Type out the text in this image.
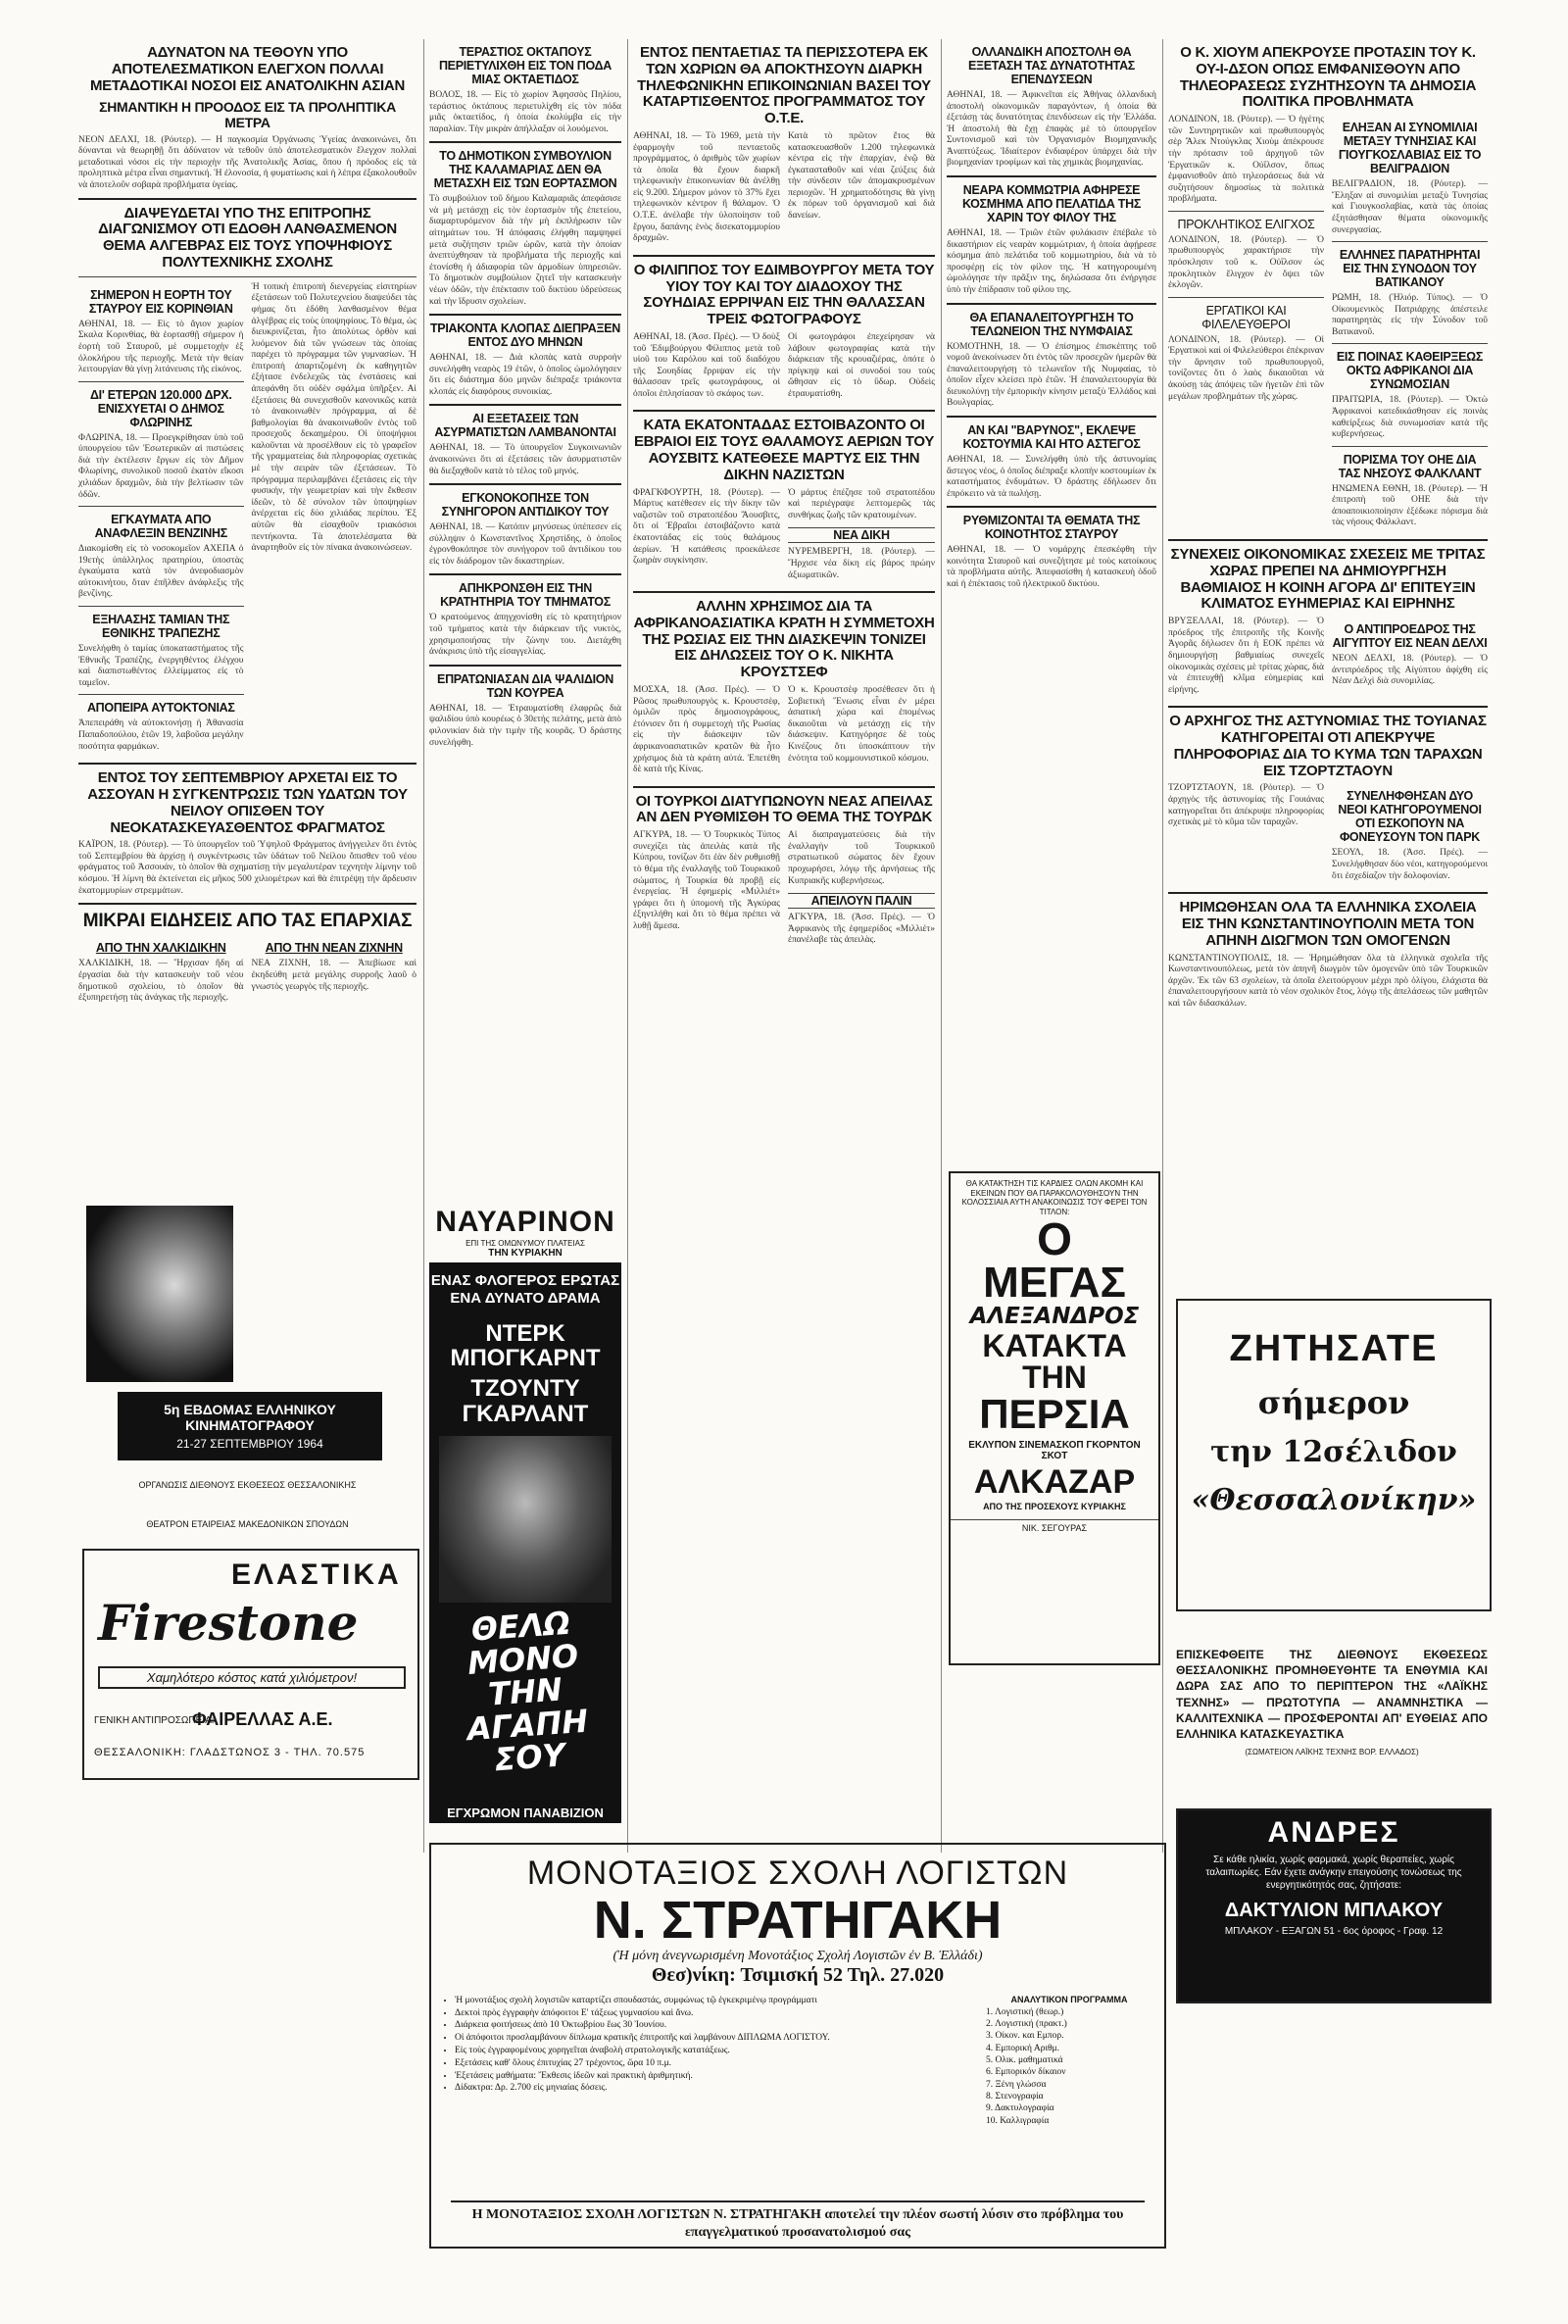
ΑΔΥΝΑΤΟΝ ΝΑ ΤΕΘΟΥΝ ΥΠΟ ΑΠΟΤΕΛΕΣΜΑΤΙΚΟΝ ΕΛΕΓΧΟΝ ΠΟΛΛΑΙ ΜΕΤΑΔΟΤΙΚΑΙ ΝΟΣΟΙ ΕΙΣ ΑΝΑΤΟΛΙΚΗΝ ΑΣΙΑΝ
ΣΗΜΑΝΤΙΚΗ Η ΠΡΟΟΔΟΣ ΕΙΣ ΤΑ ΠΡΟΛΗΠΤΙΚΑ ΜΕΤΡΑ

ΝΕΟΝ ΔΕΛΧΙ, 18. (Ρόυτερ). — Η παγκοσμία Όργάνωσις Ὑγείας ἀνακοινώνει, ὅτι δύνανται νὰ θεωρηθῇ ὅτι ἀδύνατον νὰ τεθοῦν ὑπὸ ἀποτελεσματικὸν ἔλεγχον πολλαὶ μεταδοτικαὶ νόσοι εἰς τὴν περιοχὴν τῆς Ἀνατολικῆς Ἀσίας, ὅπου ἡ πρόοδος εἰς τὰ προληπτικὰ μέτρα εἶναι σημαντική. Ἡ ἐλονοσία, ἡ φυματίωσις καὶ ἡ λέπρα ἐξακολουθοῦν νὰ ἀποτελοῦν σοβαρὰ προβλήματα ὑγείας.

ΔΙΑΨΕΥΔΕΤΑΙ ΥΠΟ ΤΗΣ ΕΠΙΤΡΟΠΗΣ ΔΙΑΓΩΝΙΣΜΟΥ ΟΤΙ ΕΔΟΘΗ ΛΑΝΘΑΣΜΕΝΟΝ ΘΕΜΑ ΑΛΓΕΒΡΑΣ ΕΙΣ ΤΟΥΣ ΥΠΟΨΗΦΙΟΥΣ ΠΟΛΥΤΕΧΝΙΚΗΣ ΣΧΟΛΗΣ
ΣΗΜΕΡΟΝ Η ΕΟΡΤΗ ΤΟΥ ΣΤΑΥΡΟΥ ΕΙΣ ΚΟΡΙΝΘΙΑΝ

ΑΘΗΝΑΙ, 18. — Εἰς τὸ ἄγιον χωρίον Σκαλα Κορινθίας, θὰ ἑορτασθῇ σήμερον ἡ ἑορτὴ τοῦ Σταυροῦ, μὲ συμμετοχὴν ἐξ ὁλοκλήρου τῆς περιοχῆς. Μετὰ τὴν θείαν λειτουργίαν θὰ γίνῃ λιτάνευσις τῆς εἰκόνος.

ΔΙ' ΕΤΕΡΩΝ 120.000 ΔΡΧ. ΕΝΙΣΧΥΕΤΑΙ Ο ΔΗΜΟΣ ΦΛΩΡΙΝΗΣ

ΦΛΩΡΙΝΑ, 18. — Προεγκρίθησαν ὑπὸ τοῦ ὑπουργείου τῶν Ἐσωτερικῶν αἱ πιστώσεις διὰ τὴν ἐκτέλεσιν ἔργων εἰς τὸν Δῆμον Φλωρίνης, συνολικοῦ ποσοῦ ἑκατὸν εἴκοσι χιλιάδων δραχμῶν, διὰ τὴν βελτίωσιν τῶν ὁδῶν.

ΕΓΚΑΥΜΑΤΑ ΑΠΟ ΑΝΑΦΛΕΞΙΝ ΒΕΝΖΙΝΗΣ

Διακομίσθη εἰς τὸ νοσοκομεῖον ΑΧΕΠΑ ὁ 19ετὴς ὑπάλληλος πρατηρίου, ὑποστὰς ἐγκαύματα κατὰ τὸν ἀνεφοδιασμὸν αὐτοκινήτου, ὅταν ἐπῆλθεν ἀνάφλεξις τῆς βενζίνης.

ΕΞΗΛΑΣΗΣ ΤΑΜΙΑΝ ΤΗΣ ΕΘΝΙΚΗΣ ΤΡΑΠΕΖΗΣ

Συνελήφθη ὁ ταμίας ὑποκαταστήματος τῆς Ἐθνικῆς Τραπέζης, ἐνεργηθέντος ἐλέγχου καὶ διαπιστωθέντος ἐλλείμματος εἰς τὸ ταμεῖον.

ΑΠΟΠΕΙΡΑ ΑΥΤΟΚΤΟΝΙΑΣ

Ἀπεπειράθη νὰ αὐτοκτονήσῃ ἡ Ἀθανασία Παπαδοπούλου, ἐτῶν 19, λαβοῦσα μεγάλην ποσότητα φαρμάκων.

Ἡ τοπικὴ ἐπιτροπὴ διενεργείας εἰσιτηρίων ἐξετάσεων τοῦ Πολυτεχνείου διαψεύδει τὰς φήμας ὅτι ἐδόθη λανθασμένον θέμα ἀλγέβρας εἰς τοὺς ὑποψηφίους. Τὸ θέμα, ὡς διευκρινίζεται, ἦτο ἀπολύτως ὀρθὸν καὶ λυόμενον διὰ τῶν γνώσεων τὰς ὁποίας παρέχει τὸ πρόγραμμα τῶν γυμνασίων. Ἡ ἐπιτροπὴ ἀπαρτιζομένη ἐκ καθηγητῶν ἐξήτασε ἐνδελεχῶς τὰς ἐνστάσεις καὶ ἀπεφάνθη ὅτι οὐδὲν σφάλμα ὑπῆρξεν. Αἱ ἐξετάσεις θὰ συνεχισθοῦν κανονικῶς κατὰ τὸ ἀνακοινωθὲν πρόγραμμα, αἱ δὲ βαθμολογίαι θὰ ἀνακοινωθοῦν ἐντὸς τοῦ προσεχοῦς δεκαημέρου. Οἱ ὑποψήφιοι καλοῦνται νὰ προσέλθουν εἰς τὸ γραφεῖον τῆς γραμματείας διὰ πληροφορίας σχετικὰς μὲ τὴν σειρὰν τῶν ἐξετάσεων. Τὸ πρόγραμμα περιλαμβάνει ἐξετάσεις εἰς τὴν φυσικήν, τὴν γεωμετρίαν καὶ τὴν ἔκθεσιν ἰδεῶν, τὸ δὲ σύνολον τῶν ὑποψηφίων ἀνέρχεται εἰς δύο χιλιάδας περίπου. Ἐξ αὐτῶν θὰ εἰσαχθοῦν τριακόσιοι πεντήκοντα. Τὰ ἀποτελέσματα θὰ ἀναρτηθοῦν εἰς τὸν πίνακα ἀνακοινώσεων.

ΕΝΤΟΣ ΤΟΥ ΣΕΠΤΕΜΒΡΙΟΥ ΑΡΧΕΤΑΙ ΕΙΣ ΤΟ ΑΣΣΟΥΑΝ Η ΣΥΓΚΕΝΤΡΩΣΙΣ ΤΩΝ ΥΔΑΤΩΝ ΤΟΥ ΝΕΙΛΟΥ ΟΠΙΣΘΕΝ ΤΟΥ ΝΕΟΚΑΤΑΣΚΕΥΑΣΘΕΝΤΟΣ ΦΡΑΓΜΑΤΟΣ

ΚΑΪΡΟΝ, 18. (Ρόυτερ). — Τὸ ὑπουργεῖον τοῦ Ὑψηλοῦ Φράγματος ἀνήγγειλεν ὅτι ἐντὸς τοῦ Σεπτεμβρίου θὰ ἀρχίσῃ ἡ συγκέντρωσις τῶν ὑδάτων τοῦ Νείλου ὄπισθεν τοῦ νέου φράγματος τοῦ Ἀσσουάν, τὸ ὁποῖον θὰ σχηματίσῃ τὴν μεγαλυτέραν τεχνητὴν λίμνην τοῦ κόσμου. Ἡ λίμνη θὰ ἐκτείνεται εἰς μῆκος 500 χιλιομέτρων καὶ θὰ ἐπιτρέψῃ τὴν ἄρδευσιν ἑκατομμυρίων στρεμμάτων.

ΜΙΚΡΑΙ ΕΙΔΗΣΕΙΣ ΑΠΟ ΤΑΣ ΕΠΑΡΧΙΑΣ
ΑΠΟ ΤΗΝ ΧΑΛΚΙΔΙΚΗΝ

ΧΑΛΚΙΔΙΚΗ, 18. — Ἤρχισαν ἤδη αἱ ἐργασίαι διὰ τὴν κατασκευὴν τοῦ νέου δημοτικοῦ σχολείου, τὸ ὁποῖον θὰ ἐξυπηρετήσῃ τὰς ἀνάγκας τῆς περιοχῆς.

ΑΠΟ ΤΗΝ ΝΕΑΝ ΖΙΧΝΗΝ

ΝΕΑ ΖΙΧΝΗ, 18. — Ἀπεβίωσε καὶ ἐκηδεύθη μετὰ μεγάλης συρροῆς λαοῦ ὁ γνωστὸς γεωργὸς τῆς περιοχῆς.

5η ΕΒΔΟΜΑΣ ΕΛΛΗΝΙΚΟΥ ΚΙΝΗΜΑΤΟΓΡΑΦΟΥ
21-27 ΣΕΠΤΕΜΒΡΙΟΥ 1964
ΟΡΓΑΝΩΣΙΣ ΔΙΕΘΝΟΥΣ ΕΚΘΕΣΕΩΣ ΘΕΣΣΑΛΟΝΙΚΗΣ
ΘΕΑΤΡΟΝ ΕΤΑΙΡΕΙΑΣ ΜΑΚΕΔΟΝΙΚΩΝ ΣΠΟΥΔΩΝ
ΕΛΑΣΤΙΚΑ
Firestone
Χαμηλότερο κόστος κατά χιλιόμετρον!
ΓΕΝΙΚΗ ΑΝΤΙΠΡΟΣΩΠΕΙΑ:
ΦΑΙΡΕΛΛΑΣ Α.Ε.
ΘΕΣΣΑΛΟΝΙΚΗ: ΓΛΑΔΣΤΩΝΟΣ 3 - ΤΗΛ. 70.575
ΤΕΡΑΣΤΙΟΣ ΟΚΤΑΠΟΥΣ ΠΕΡΙΕΤΥΛΙΧΘΗ ΕΙΣ ΤΟΝ ΠΟΔΑ ΜΙΑΣ ΟΚΤΑΕΤΙΔΟΣ

ΒΟΛΟΣ, 18. — Εἰς τὸ χωρίον Ἀφησσὸς Πηλίου, τεράστιος ὀκτάπους περιετυλίχθη εἰς τὸν πόδα μιᾶς ὀκταετίδος, ἡ ὁποία ἐκολύμβα εἰς τὴν παραλίαν. Τὴν μικρὰν ἀπήλλαξαν οἱ λουόμενοι.

ΤΟ ΔΗΜΟΤΙΚΟΝ ΣΥΜΒΟΥΛΙΟΝ ΤΗΣ ΚΑΛΑΜΑΡΙΑΣ ΔΕΝ ΘΑ ΜΕΤΑΣΧΗ ΕΙΣ ΤΩΝ ΕΟΡΤΑΣΜΟΝ

Τὸ συμβούλιον τοῦ δήμου Καλαμαριᾶς ἀπεφάσισε νὰ μὴ μετάσχῃ εἰς τὸν ἑορτασμὸν τῆς ἐπετείου, διαμαρτυρόμενον διὰ τὴν μὴ ἐκπλήρωσιν τῶν αἰτημάτων του. Ἡ ἀπόφασις ἐλήφθη παμψηφεί μετὰ συζήτησιν τριῶν ὡρῶν, κατὰ τὴν ὁποίαν ἀνεπτύχθησαν τὰ προβλήματα τῆς περιοχῆς καὶ ἐτονίσθη ἡ ἀδιαφορία τῶν ἁρμοδίων ὑπηρεσιῶν. Τὸ δημοτικὸν συμβούλιον ζητεῖ τὴν κατασκευὴν νέων ὁδῶν, τὴν ἐπέκτασιν τοῦ δικτύου ὑδρεύσεως καὶ τὴν ἵδρυσιν σχολείων.

ΤΡΙΑΚΟΝΤΑ ΚΛΟΠΑΣ ΔΙΕΠΡΑΞΕΝ ΕΝΤΟΣ ΔΥΟ ΜΗΝΩΝ

ΑΘΗΝΑΙ, 18. — Διὰ κλοπὰς κατὰ συρροὴν συνελήφθη νεαρὸς 19 ἐτῶν, ὁ ὁποῖος ὡμολόγησεν ὅτι εἰς διάστημα δύο μηνῶν διέπραξε τριάκοντα κλοπάς εἰς διαφόρους συνοικίας.

ΑΙ ΕΞΕΤΑΣΕΙΣ ΤΩΝ ΑΣΥΡΜΑΤΙΣΤΩΝ ΛΑΜΒΑΝΟΝΤΑΙ

ΑΘΗΝΑΙ, 18. — Τὸ ὑπουργεῖον Συγκοινωνιῶν ἀνακοινώνει ὅτι αἱ ἐξετάσεις τῶν ἀσυρματιστῶν θὰ διεξαχθοῦν κατὰ τὸ τέλος τοῦ μηνός.

ΕΓΚΟΝΟΚΟΠΗΣΕ ΤΟΝ ΣΥΝΗΓΟΡΟΝ ΑΝΤΙΔΙΚΟΥ ΤΟΥ

ΑΘΗΝΑΙ, 18. — Κατόπιν μηνύσεως ὑπέπεσεν εἰς σύλληψιν ὁ Κωνσταντῖνος Χρηστίδης, ὁ ὁποῖος ἐγρονθοκόπησε τὸν συνήγορον τοῦ ἀντιδίκου του εἰς τὸν διάδρομον τῶν δικαστηρίων.

ΑΠΗΚΡΟΝΣΘΗ ΕΙΣ ΤΗΝ ΚΡΑΤΗΤΗΡΙΑ ΤΟΥ ΤΜΗΜΑΤΟΣ

Ὁ κρατούμενος ἀπηγχονίσθη εἰς τὸ κρατητήριον τοῦ τμήματος κατὰ τὴν διάρκειαν τῆς νυκτὸς, χρησιμοποιήσας τὴν ζώνην του. Διετάχθη ἀνάκρισις ὑπὸ τῆς εἰσαγγελίας.

ΕΠΡΑΤΩΝΙΑΣΑΝ ΔΙΑ ΨΑΛΙΔΙΟΝ ΤΩΝ ΚΟΥΡΕΑ

ΑΘΗΝΑΙ, 18. — Ἐτραυματίσθη ἐλαφρῶς διὰ ψαλιδίου ὑπὸ κουρέως ὁ 30ετὴς πελάτης, μετὰ ἀπὸ φιλονικίαν διὰ τὴν τιμὴν τῆς κουρᾶς. Ὁ δράστης συνελήφθη.

ΝΑΥΑΡΙΝΟΝ
ΕΠΙ ΤΗΣ ΟΜΩΝΥΜΟΥ ΠΛΑΤΕΙΑΣ
ΤΗΝ ΚΥΡΙΑΚΗΝ
ΕΝΑΣ ΦΛΟΓΕΡΟΣ ΕΡΩΤΑΣ ΕΝΑ ΔΥΝΑΤΟ ΔΡΑΜΑ
ΝΤΕΡΚ ΜΠΟΓΚΑΡΝΤ
ΤΖΟΥΝΤΥ ΓΚΑΡΛΑΝΤ
ΘΕΛΩ ΜΟΝΟ ΤΗΝ ΑΓΑΠΗ ΣΟΥ
ΕΓΧΡΩΜΟΝ ΠΑΝΑΒΙΖΙΟΝ
ΕΝΤΟΣ ΠΕΝΤΑΕΤΙΑΣ ΤΑ ΠΕΡΙΣΣΟΤΕΡΑ ΕΚ ΤΩΝ ΧΩΡΙΩΝ ΘΑ ΑΠΟΚΤΗΣΟΥΝ ΔΙΑΡΚΗ ΤΗΛΕΦΩΝΙΚΗΝ ΕΠΙΚΟΙΝΩΝΙΑΝ ΒΑΣΕΙ ΤΟΥ ΚΑΤΑΡΤΙΣΘΕΝΤΟΣ ΠΡΟΓΡΑΜΜΑΤΟΣ ΤΟΥ Ο.Τ.Ε.

ΑΘΗΝΑΙ, 18. — Τὸ 1969, μετὰ τὴν ἐφαρμογὴν τοῦ πενταετοῦς προγράμματος, ὁ ἀριθμὸς τῶν χωρίων τὰ ὁποῖα θὰ ἔχουν διαρκῆ τηλεφωνικὴν ἐπικοινωνίαν θὰ ἀνέλθῃ εἰς 9.200. Σήμερον μόνον τὸ 37% ἔχει τηλεφωνικὸν κέντρον ἢ θάλαμον. Ὁ Ο.Τ.Ε. ἀνέλαβε τὴν ὑλοποίησιν τοῦ ἔργου, δαπάνης ἑνὸς δισεκατομμυρίου δραχμῶν.

Κατὰ τὸ πρῶτον ἔτος θὰ κατασκευασθοῦν 1.200 τηλεφωνικὰ κέντρα εἰς τὴν ἐπαρχίαν, ἐνῷ θὰ ἐγκατασταθοῦν καὶ νέαι ζεύξεις διὰ τὴν σύνδεσιν τῶν ἀπομακρυσμένων περιοχῶν. Ἡ χρηματοδότησις θὰ γίνῃ ἐκ πόρων τοῦ ὀργανισμοῦ καὶ διὰ δανείων.

Ο ΦΙΛΙΠΠΟΣ ΤΟΥ ΕΔΙΜΒΟΥΡΓΟΥ ΜΕΤΑ ΤΟΥ ΥΙΟΥ ΤΟΥ ΚΑΙ ΤΟΥ ΔΙΑΔΟΧΟΥ ΤΗΣ ΣΟΥΗΔΙΑΣ ΕΡΡΙΨΑΝ ΕΙΣ ΤΗΝ ΘΑΛΑΣΣΑΝ ΤΡΕΙΣ ΦΩΤΟΓΡΑΦΟΥΣ

ΑΘΗΝΑΙ, 18. (Ἀσσ. Πρές). — Ὁ δοὺξ τοῦ Ἐδιμβούργου Φίλιππος μετὰ τοῦ υἱοῦ του Καρόλου καὶ τοῦ διαδόχου τῆς Σουηδίας ἔρριψαν εἰς τὴν θάλασσαν τρεῖς φωτογράφους, οἱ ὁποῖοι ἐπλησίασαν τὸ σκάφος των.

Οἱ φωτογράφοι ἐπεχείρησαν νὰ λάβουν φωτογραφίας κατὰ τὴν διάρκειαν τῆς κρουαζιέρας, ὁπότε ὁ πρίγκηψ καὶ οἱ συνοδοί του τοὺς ὤθησαν εἰς τὸ ὕδωρ. Οὐδεὶς ἐτραυματίσθη.

ΚΑΤΑ ΕΚΑΤΟΝΤΑΔΑΣ ΕΣΤΟΙΒΑΖΟΝΤΟ ΟΙ ΕΒΡΑΙΟΙ ΕΙΣ ΤΟΥΣ ΘΑΛΑΜΟΥΣ ΑΕΡΙΩΝ ΤΟΥ ΑΟΥΣΒΙΤΣ ΚΑΤΕΘΕΣΕ ΜΑΡΤΥΣ ΕΙΣ ΤΗΝ ΔΙΚΗΝ ΝΑΖΙΣΤΩΝ

ΦΡΑΓΚΦΟΥΡΤΗ, 18. (Ρόυτερ). — Μάρτυς κατέθεσεν εἰς τὴν δίκην τῶν ναζιστῶν τοῦ στρατοπέδου Ἄουσβιτς, ὅτι οἱ Ἑβραῖοι ἐστοιβάζοντο κατὰ ἑκατοντάδας εἰς τοὺς θαλάμους ἀερίων. Ἡ κατάθεσις προεκάλεσε ζωηρὰν συγκίνησιν.

Ὁ μάρτυς ἐπέζησε τοῦ στρατοπέδου καὶ περιέγραψε λεπτομερῶς τὰς συνθήκας ζωῆς τῶν κρατουμένων.

ΝΕΑ ΔΙΚΗ

ΝΥΡΕΜΒΕΡΓΗ, 18. (Ρόυτερ). — Ἤρχισε νέα δίκη εἰς βάρος πρώην ἀξιωματικῶν.

ΑΛΛΗΝ ΧΡΗΣΙΜΟΣ ΔΙΑ ΤΑ ΑΦΡΙΚΑΝΟΑΣΙΑΤΙΚΑ ΚΡΑΤΗ Η ΣΥΜΜΕΤΟΧΗ ΤΗΣ ΡΩΣΙΑΣ ΕΙΣ ΤΗΝ ΔΙΑΣΚΕΨΙΝ ΤΟΝΙΖΕΙ ΕΙΣ ΔΗΛΩΣΕΙΣ ΤΟΥ Ο Κ. ΝΙΚΗΤΑ ΚΡΟΥΣΤΣΕΦ

ΜΟΣΧΑ, 18. (Ἀσσ. Πρές). — Ὁ Ρῶσος πρωθυπουργὸς κ. Κρουστσὲφ, ὁμιλῶν πρὸς δημοσιογράφους, ἐτόνισεν ὅτι ἡ συμμετοχὴ τῆς Ρωσίας εἰς τὴν διάσκεψιν τῶν ἀφρικανοασιατικῶν κρατῶν θὰ ἦτο χρήσιμος διὰ τὰ κράτη αὐτά. Ἐπετέθη δὲ κατὰ τῆς Κίνας.

Ὁ κ. Κρουστσὲφ προσέθεσεν ὅτι ἡ Σοβιετικὴ Ἕνωσις εἶναι ἐν μέρει ἀσιατικὴ χώρα καὶ ἐπομένως δικαιοῦται νὰ μετάσχῃ εἰς τὴν διάσκεψιν. Κατηγόρησε δὲ τοὺς Κινέζους ὅτι ὑποσκάπτουν τὴν ἑνότητα τοῦ κομμουνιστικοῦ κόσμου.

ΟΙ ΤΟΥΡΚΟΙ ΔΙΑΤΥΠΩΝΟΥΝ ΝΕΑΣ ΑΠΕΙΛΑΣ ΑΝ ΔΕΝ ΡΥΘΜΙΣΘΗ ΤΟ ΘΕΜΑ ΤΗΣ ΤΟΥΡΔΚ

ΑΓΚΥΡΑ, 18. — Ὁ Τουρκικὸς Τύπος συνεχίζει τὰς ἀπειλὰς κατὰ τῆς Κύπρου, τονίζων ὅτι ἐὰν δὲν ρυθμισθῇ τὸ θέμα τῆς ἐναλλαγῆς τοῦ Τουρκικοῦ σώματος, ἡ Τουρκία θὰ προβῇ εἰς ἐνεργείας. Ἡ ἐφημερὶς «Μιλλιέτ» γράφει ὅτι ἡ ὑπομονὴ τῆς Ἀγκύρας ἐξηντλήθη καὶ ὅτι τὸ θέμα πρέπει νὰ λυθῇ ἄμεσα.

Αἱ διαπραγματεύσεις διὰ τὴν ἐναλλαγὴν τοῦ Τουρκικοῦ στρατιωτικοῦ σώματος δὲν ἔχουν προχωρήσει, λόγῳ τῆς ἀρνήσεως τῆς Κυπριακῆς κυβερνήσεως.

ΑΠΕΙΛΟΥΝ ΠΑΛΙΝ

ΑΓΚΥΡΑ, 18. (Ἀσσ. Πρές). — Ὁ Ἀφρικανὸς τῆς ἐφημερίδος «Μιλλιέτ» ἐπανέλαβε τὰς ἀπειλὰς.

ΟΛΛΑΝΔΙΚΗ ΑΠΟΣΤΟΛΗ ΘΑ ΕΞΕΤΑΣΗ ΤΑΣ ΔΥΝΑΤΟΤΗΤΑΣ ΕΠΕΝΔΥΣΕΩΝ

ΑΘΗΝΑΙ, 18. — Ἀφικνεῖται εἰς Ἀθήνας ὀλλανδικὴ ἀποστολὴ οἰκονομικῶν παραγόντων, ἡ ὁποία θὰ ἐξετάσῃ τὰς δυνατότητας ἐπενδύσεων εἰς τὴν Ἑλλάδα. Ἡ ἀποστολὴ θὰ ἔχῃ ἐπαφὰς μὲ τὸ ὑπουργεῖον Συντονισμοῦ καὶ τὸν Ὀργανισμὸν Βιομηχανικῆς Ἀναπτύξεως. Ἰδιαίτερον ἐνδιαφέρον ὑπάρχει διὰ τὴν βιομηχανίαν τροφίμων καὶ τὰς χημικὰς βιομηχανίας.

ΝΕΑΡΑ ΚΟΜΜΩΤΡΙΑ ΑΦΗΡΕΣΕ ΚΟΣΜΗΜΑ ΑΠΟ ΠΕΛΑΤΙΔΑ ΤΗΣ ΧΑΡΙΝ ΤΟΥ ΦΙΛΟΥ ΤΗΣ

ΑΘΗΝΑΙ, 18. — Τριῶν ἐτῶν φυλάκισιν ἐπέβαλε τὸ δικαστήριον εἰς νεαρὰν κομμώτριαν, ἡ ὁποία ἀφῄρεσε κόσμημα ἀπὸ πελάτιδα τοῦ κομμωτηρίου, διὰ νὰ τὸ προσφέρῃ εἰς τὸν φίλον της. Ἡ κατηγορουμένη ὡμολόγησε τὴν πρᾶξιν της, δηλώσασα ὅτι ἐνήργησε ὑπὸ τὴν ἐπίδρασιν τοῦ φίλου της.

ΘΑ ΕΠΑΝΑΛΕΙΤΟΥΡΓΗΣΗ ΤΟ ΤΕΛΩΝΕΙΟΝ ΤΗΣ ΝΥΜΦΑΙΑΣ

ΚΟΜΟΤΗΝΗ, 18. — Ὁ ἐπίσημος ἐπισκέπτης τοῦ νομοῦ ἀνεκοίνωσεν ὅτι ἐντὸς τῶν προσεχῶν ἡμερῶν θὰ ἐπαναλειτουργήσῃ τὸ τελωνεῖον τῆς Νυμφαίας, τὸ ὁποῖον εἶχεν κλείσει πρὸ ἐτῶν. Ἡ ἐπαναλειτουργία θὰ διευκολύνῃ τὴν ἐμπορικὴν κίνησιν μεταξὺ Ἑλλάδος καὶ Βουλγαρίας.

ΑΝ ΚΑΙ "ΒΑΡΥΝΟΣ", ΕΚΛΕΨΕ ΚΟΣΤΟΥΜΙΑ ΚΑΙ ΗΤΟ ΑΣΤΕΓΟΣ

ΑΘΗΝΑΙ, 18. — Συνελήφθη ὑπὸ τῆς ἀστυνομίας ἄστεγος νέος, ὁ ὁποῖος διέπραξε κλοπὴν κοστουμίων ἐκ καταστήματος ἐνδυμάτων. Ὁ δράστης ἐδήλωσεν ὅτι ἐπρόκειτο νὰ τὰ πωλήσῃ.

ΡΥΘΜΙΖΟΝΤΑΙ ΤΑ ΘΕΜΑΤΑ ΤΗΣ ΚΟΙΝΟΤΗΤΟΣ ΣΤΑΥΡΟΥ

ΑΘΗΝΑΙ, 18. — Ὁ νομάρχης ἐπεσκέφθη τὴν κοινότητα Σταυροῦ καὶ συνεζήτησε μὲ τοὺς κατοίκους τὰ προβλήματα αὐτῆς. Ἀπεφασίσθη ἡ κατασκευὴ ὁδοῦ καὶ ἡ ἐπέκτασις τοῦ ἠλεκτρικοῦ δικτύου.

ΘΑ ΚΑΤΑΚΤΗΣΗ ΤΙΣ ΚΑΡΔΙΕΣ ΟΛΩΝ ΑΚΟΜΗ ΚΑΙ ΕΚΕΙΝΩΝ ΠΟΥ ΘΑ ΠΑΡΑΚΟΛΟΥΘΗΣΟΥΝ ΤΗΝ ΚΟΛΟΣΣΙΑΙΑ ΑΥΤΗ ΑΝΑΚΟΙΝΩΣΙΣ ΤΟΥ ΦΕΡΕΙ ΤΟΝ ΤΙΤΛΟΝ:
Ο
ΜΕΓΑΣ
ΑΛΕΞΑΝΔΡΟΣ
ΚΑΤΑΚΤΑ
ΤΗΝ
ΠΕΡΣΙΑ
ΕΚΛΥΠΟΝ ΣΙΝΕΜΑΣΚΟΠ ΓΚΟΡΝΤΟΝ ΣΚΟΤ
ΑΛΚΑΖΑΡ
ΑΠΟ ΤΗΣ ΠΡΟΣΕΧΟΥΣ ΚΥΡΙΑΚΗΣ
ΝΙΚ. ΣΕΓΟΥΡΑΣ
Ο Κ. ΧΙΟΥΜ ΑΠΕΚΡΟΥΣΕ ΠΡΟΤΑΣΙΝ ΤΟΥ Κ. ΟΥ-Ι-ΔΣΟΝ ΟΠΩΣ ΕΜΦΑΝΙΣΘΟΥΝ ΑΠΟ ΤΗΛΕΟΡΑΣΕΩΣ ΣΥΖΗΤΗΣΟΥΝ ΤΑ ΔΗΜΟΣΙΑ ΠΟΛΙΤΙΚΑ ΠΡΟΒΛΗΜΑΤΑ

ΛΟΝΔΙΝΟΝ, 18. (Ρόυτερ). — Ὁ ἡγέτης τῶν Συντηρητικῶν καὶ πρωθυπουργὸς σὲρ Ἄλεκ Ντούγκλας Χιοὺμ ἀπέκρουσε τὴν πρότασιν τοῦ ἀρχηγοῦ τῶν Ἐργατικῶν κ. Οὐΐλσον, ὅπως ἐμφανισθοῦν ἀπὸ τηλεοράσεως διὰ νὰ συζητήσουν δημοσίως τὰ πολιτικὰ προβλήματα.

ΠΡΟΚΛΗΤΙΚΟΣ ΕΛΙΓΧΟΣ

ΛΟΝΔΙΝΟΝ, 18. (Ρόυτερ). — Ὁ πρωθυπουργὸς χαρακτήρισε τὴν πρόσκλησιν τοῦ κ. Οὐΐλσον ὡς προκλητικὸν ἔλιγχον ἐν ὄψει τῶν ἐκλογῶν.

ΕΡΓΑΤΙΚΟΙ ΚΑΙ ΦΙΛΕΛΕΥΘΕΡΟΙ

ΛΟΝΔΙΝΟΝ, 18. (Ρόυτερ). — Οἱ Ἐργατικοὶ καὶ οἱ Φιλελεύθεροι ἐπέκριναν τὴν ἄρνησιν τοῦ πρωθυπουργοῦ, τονίζοντες ὅτι ὁ λαὸς δικαιοῦται νὰ ἀκούσῃ τὰς ἀπόψεις τῶν ἡγετῶν ἐπὶ τῶν μεγάλων προβλημάτων τῆς χώρας.

ΕΛΗΞΑΝ ΑΙ ΣΥΝΟΜΙΛΙΑΙ ΜΕΤΑΞΥ ΤΥΝΗΣΙΑΣ ΚΑΙ ΓΙΟΥΓΚΟΣΛΑΒΙΑΣ ΕΙΣ ΤΟ ΒΕΛΙΓΡΑΔΙΟΝ

ΒΕΛΙΓΡΑΔΙΟΝ, 18. (Ρόυτερ). — Ἔληξαν αἱ συνομιλίαι μεταξὺ Τυνησίας καὶ Γιουγκοσλαβίας, κατὰ τὰς ὁποίας ἐξητάσθησαν θέματα οἰκονομικῆς συνεργασίας.

ΕΛΛΗΝΕΣ ΠΑΡΑΤΗΡΗΤΑΙ ΕΙΣ ΤΗΝ ΣΥΝΟΔΟΝ ΤΟΥ ΒΑΤΙΚΑΝΟΥ

ΡΩΜΗ, 18. (Ἡλιόρ. Τύπος). — Ὁ Οἰκουμενικὸς Πατριάρχης ἀπέστειλε παρατηρητὰς εἰς τὴν Σύνοδον τοῦ Βατικανοῦ.

ΕΙΣ ΠΟΙΝΑΣ ΚΑΘΕΙΡΞΕΩΣ ΟΚΤΩ ΑΦΡΙΚΑΝΟΙ ΔΙΑ ΣΥΝΩΜΟΣΙΑΝ

ΠΡΑΙΤΩΡΙΑ, 18. (Ρόυτερ). — Ὀκτὼ Ἀφρικανοὶ κατεδικάσθησαν εἰς ποινὰς καθείρξεως διὰ συνωμοσίαν κατὰ τῆς κυβερνήσεως.

ΠΟΡΙΣΜΑ ΤΟΥ ΟΗΕ ΔΙΑ ΤΑΣ ΝΗΣΟΥΣ ΦΑΛΚΛΑΝΤ

ΗΝΩΜΕΝΑ ΕΘΝΗ, 18. (Ρόυτερ). — Ἡ ἐπιτροπὴ τοῦ ΟΗΕ διὰ τὴν ἀποαποικιοποίησιν ἐξέδωκε πόρισμα διὰ τὰς νήσους Φάλκλαντ.

ΣΥΝΕΧΕΙΣ ΟΙΚΟΝΟΜΙΚΑΣ ΣΧΕΣΕΙΣ ΜΕ ΤΡΙΤΑΣ ΧΩΡΑΣ ΠΡΕΠΕΙ ΝΑ ΔΗΜΙΟΥΡΓΗΣΗ ΒΑΘΜΙΑΙΟΣ Η ΚΟΙΝΗ ΑΓΟΡΑ ΔΙ' ΕΠΙΤΕΥΞΙΝ ΚΛΙΜΑΤΟΣ ΕΥΗΜΕΡΙΑΣ ΚΑΙ ΕΙΡΗΝΗΣ

ΒΡΥΞΕΛΛΑΙ, 18. (Ρόυτερ). — Ὁ πρόεδρος τῆς ἐπιτροπῆς τῆς Κοινῆς Ἀγορᾶς δήλωσεν ὅτι ἡ ΕΟΚ πρέπει νὰ δημιουργήσῃ βαθμιαίως συνεχεῖς οἰκονομικὰς σχέσεις μὲ τρίτας χώρας, διὰ νὰ ἐπιτευχθῇ κλῖμα εὐημερίας καὶ εἰρήνης.

Ο ΑΝΤΙΠΡΟΕΔΡΟΣ ΤΗΣ ΑΙΓΥΠΤΟΥ ΕΙΣ ΝΕΑΝ ΔΕΛΧΙ

ΝΕΟΝ ΔΕΛΧΙ, 18. (Ρόυτερ). — Ὁ ἀντιπρόεδρος τῆς Αἰγύπτου ἀφίχθη εἰς Νέαν Δελχὶ διὰ συνομιλίας.

Ο ΑΡΧΗΓΟΣ ΤΗΣ ΑΣΤΥΝΟΜΙΑΣ ΤΗΣ ΤΟΥΙΑΝΑΣ ΚΑΤΗΓΟΡΕΙΤΑΙ ΟΤΙ ΑΠΕΚΡΥΨΕ ΠΛΗΡΟΦΟΡΙΑΣ ΔΙΑ ΤΟ ΚΥΜΑ ΤΩΝ ΤΑΡΑΧΩΝ ΕΙΣ ΤΖΟΡΤΖΤΑΟΥΝ

ΤΖΟΡΤΖΤΑΟΥΝ, 18. (Ρόυτερ). — Ὁ ἀρχηγὸς τῆς ἀστυνομίας τῆς Γουιάνας κατηγορεῖται ὅτι ἀπέκρυψε πληροφορίας σχετικὰς μὲ τὸ κῦμα τῶν ταραχῶν.

ΣΥΝΕΛΗΦΘΗΣΑΝ ΔΥΟ ΝΕΟΙ ΚΑΤΗΓΟΡΟΥΜΕΝΟΙ ΟΤΙ ΕΣΚΟΠΟΥΝ ΝΑ ΦΟΝΕΥΣΟΥΝ ΤΟΝ ΠΑΡΚ

ΣΕΟΥΛ, 18. (Ἀσσ. Πρές). — Συνελήφθησαν δύο νέοι, κατηγορούμενοι ὅτι ἐσχεδίαζον τὴν δολοφονίαν.

ΗΡΙΜΩΘΗΣΑΝ ΟΛΑ ΤΑ ΕΛΛΗΝΙΚΑ ΣΧΟΛΕΙΑ ΕΙΣ ΤΗΝ ΚΩΝΣΤΑΝΤΙΝΟΥΠΟΛΙΝ ΜΕΤΑ ΤΟΝ ΑΠΗΝΗ ΔΙΩΓΜΟΝ ΤΩΝ ΟΜΟΓΕΝΩΝ

ΚΩΝΣΤΑΝΤΙΝΟΥΠΟΛΙΣ, 18. — Ἠρημώθησαν ὅλα τὰ ἑλληνικὰ σχολεῖα τῆς Κωνσταντινουπόλεως, μετὰ τὸν ἀπηνῆ διωγμὸν τῶν ὁμογενῶν ὑπὸ τῶν Τουρκικῶν ἀρχῶν. Ἐκ τῶν 63 σχολείων, τὰ ὁποῖα ἐλειτούργουν μέχρι πρὸ ὀλίγου, ἐλάχιστα θὰ ἐπαναλειτουργήσουν κατὰ τὸ νέον σχολικὸν ἔτος, λόγῳ τῆς ἀπελάσεως τῶν μαθητῶν καὶ τῶν διδασκάλων.

ΖΗΤΗΣΑΤΕ
σήμερον
την 12σέλιδον
«Θεσσαλονίκην»
ΕΠΙΣΚΕΦΘΕΙΤΕ ΤΗΣ ΔΙΕΘΝΟΥΣ ΕΚΘΕΣΕΩΣ ΘΕΣΣΑΛΟΝΙΚΗΣ ΠΡΟΜΗΘΕΥΘΗΤΕ ΤΑ ΕΝΘΥΜΙΑ ΚΑΙ ΔΩΡΑ ΣΑΣ ΑΠΟ ΤΟ ΠΕΡΙΠΤΕΡΟΝ ΤΗΣ «ΛΑΪΚΗΣ ΤΕΧΝΗΣ» — ΠΡΩΤΟΤΥΠΑ — ΑΝΑΜΝΗΣΤΙΚΑ — ΚΑΛΛΙΤΕΧΝΙΚΑ — ΠΡΟΣΦΕΡΟΝΤΑΙ ΑΠ' ΕΥΘΕΙΑΣ ΑΠΟ ΕΛΛΗΝΙΚΑ ΚΑΤΑΣΚΕΥΑΣΤΙΚΑ
(ΣΩΜΑΤΕΙΟΝ ΛΑΪΚΗΣ ΤΕΧΝΗΣ ΒΟΡ. ΕΛΛΑΔΟΣ)
ΑΝΔΡΕΣ
Σε κάθε ηλικία, χωρίς φαρμακά, χωρίς θεραπείες, χωρίς ταλαιπωρίες. Εάν έχετε ανάγκην επειγούσης τονώσεως της ενεργητικότητός σας, ζητήσατε:
ΔΑΚΤΥΛΙΟΝ ΜΠΛΑΚΟΥ
ΜΠΛΑΚΟΥ - ΕΞΑΓΩΝ 51 - 6ος όροφος - Γραφ. 12
ΜΟΝΟΤΑΞΙΟΣ ΣΧΟΛΗ ΛΟΓΙΣΤΩΝ
Ν. ΣΤΡΑΤΗΓΑΚΗ
(Ἡ μόνη ἀνεγνωρισμένη Μονοτάξιος Σχολή Λογιστῶν ἐν Β. Ἑλλάδι)
Θεσ)νίκη: Τσιμισκή 52 Τηλ. 27.020
• Ἡ μονοτάξιος σχολὴ λογιστῶν καταρτίζει σπουδαστάς, συμφώνως τῷ ἐγκεκριμένῳ προγράμματι
• Δεκτοὶ πρὸς ἐγγραφὴν ἀπόφοιτοι Ε' τάξεως γυμνασίου καὶ ἄνω.
• Διάρκεια φοιτήσεως ἀπὸ 10 Ὀκτωβρίου ἕως 30 Ἰουνίου.
• Οἱ ἀπόφοιτοι προσλαμβάνουν δίπλωμα κρατικῆς ἐπιτροπῆς καὶ λαμβάνουν ΔΙΠΛΩΜΑ ΛΟΓΙΣΤΟΥ.
• Εἰς τοὺς ἐγγραφομένους χορηγεῖται ἀναβολὴ στρατολογικῆς κατατάξεως.
• Εξετάσεις καθ' ὅλους ἐπιτυχίας 27 τρέχοντος, ὥρα 10 π.μ.
• Ἐξετάσεις μαθήματα: Ἔκθεσις ἰδεῶν καὶ πρακτικὴ ἀριθμητική.
• Δίδακτρα: Δρ. 2.700 εἰς μηνιαίας δόσεις.
ΑΝΑΛΥΤΙΚΟΝ ΠΡΟΓΡΑΜΜΑ
1. Λογιστική (θεωρ.)
2. Λογιστική (πρακτ.)
3. Οίκον. και Εμπορ.
4. Εμπορική Αριθμ.
5. Ολικ. μαθηματικά
6. Εμπορικόν δίκαιον
7. Ξένη γλώσσα
8. Στενογραφία
9. Δακτυλογραφία
10. Καλλιγραφία
Η ΜΟΝΟΤΑΞΙΟΣ ΣΧΟΛΗ ΛΟΓΙΣΤΩΝ Ν. ΣΤΡΑΤΗΓΑΚΗ αποτελεί την πλέον σωστή λύσιν στο πρόβλημα του επαγγελματικού προσανατολισμού σας
